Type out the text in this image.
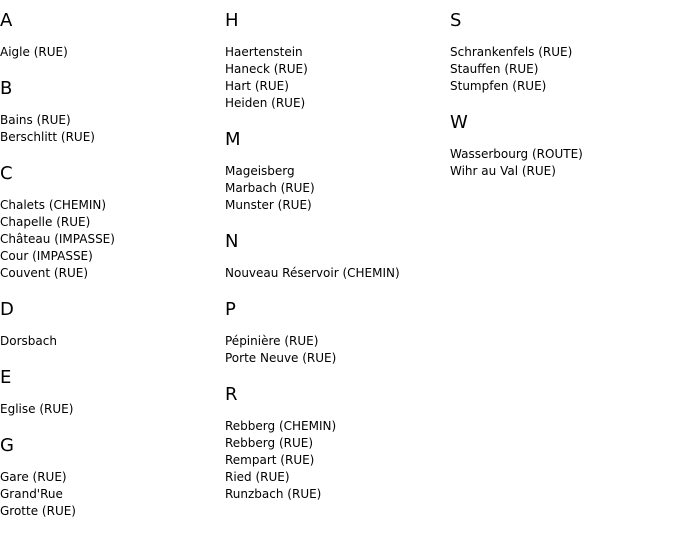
A
Aigle (RUE)
B
Bains (RUE)
Berschlitt (RUE)
C
Chalets (CHEMIN)
Chapelle (RUE)
Château (IMPASSE)
Cour (IMPASSE)
Couvent (RUE)
D
Dorsbach
E
Eglise (RUE)
G
Gare (RUE)
Grand'Rue
Grotte (RUE)
H
Haertenstein
Haneck (RUE)
Hart (RUE)
Heiden (RUE)
M
Mageisberg
Marbach (RUE)
Munster (RUE)
N
Nouveau Réservoir (CHEMIN)
P
Pépinière (RUE)
Porte Neuve (RUE)
R
Rebberg (CHEMIN)
Rebberg (RUE)
Rempart (RUE)
Ried (RUE)
Runzbach (RUE)
S
Schrankenfels (RUE)
Stauffen (RUE)
Stumpfen (RUE)
W
Wasserbourg (ROUTE)
Wihr au Val (RUE)
